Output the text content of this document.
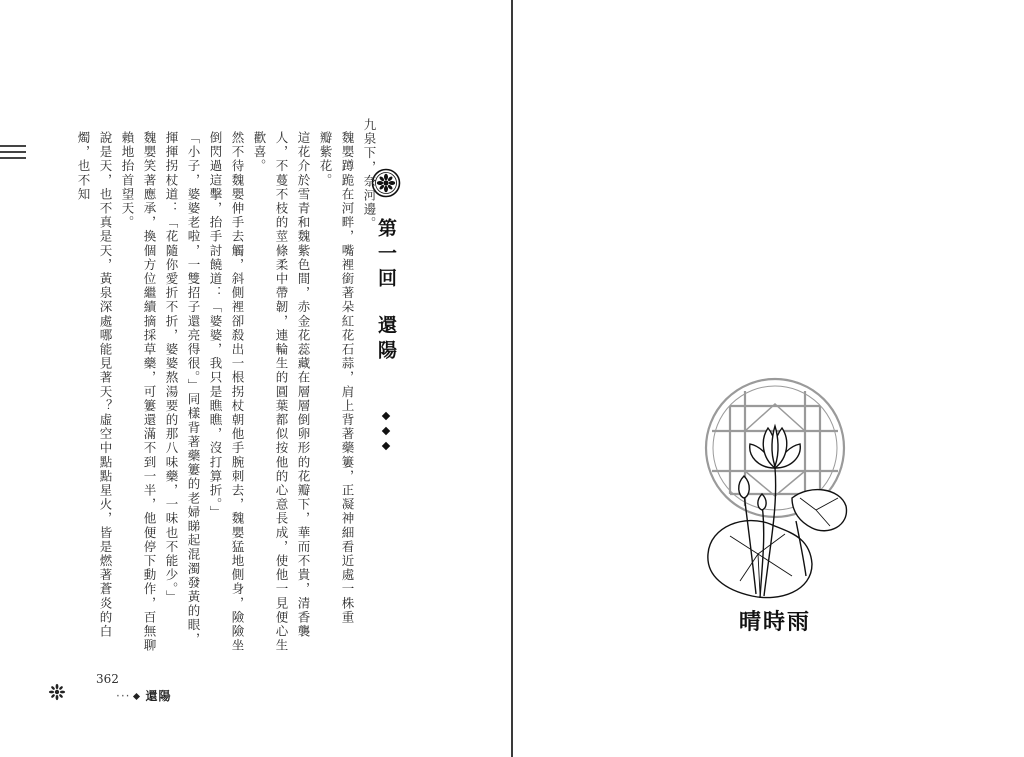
第一回還陽

九泉下，奈河邊。

魏嬰蹲跪在河畔，嘴裡銜著朵紅花石蒜，肩上背著藥簍，正凝神細看近處一株重瓣紫花。

這花介於雪青和魏紫色間，赤金花蕊藏在層層倒卵形的花瓣下，華而不貴，清香襲人，不蔓不枝的莖條柔中帶韌，連輪生的圓葉都似按他的心意長成，使他一見便心生歡喜。

然不待魏嬰伸手去觸，斜側裡卻殺出一根拐杖朝他手腕刺去，魏嬰猛地側身，險險坐倒閃過這擊，抬手討饒道：「婆婆，我只是瞧瞧，沒打算折。」

「小子，婆婆老啦，一雙招子還亮得很。」同樣背著藥簍的老婦睇起混濁發黃的眼，揮揮拐杖道：「花隨你愛折不折，婆婆熬湯要的那八味藥，一味也不能少。」

魏嬰笑著應承，換個方位繼續摘採草藥，可簍還滿不到一半，他便停下動作，百無聊賴地抬首望天。

說是天，也不真是天，黃泉深處哪能見著天？虛空中點點星火，皆是燃著蒼炎的白燭，也不知

362
‧‧‧ 還陽
晴時雨
